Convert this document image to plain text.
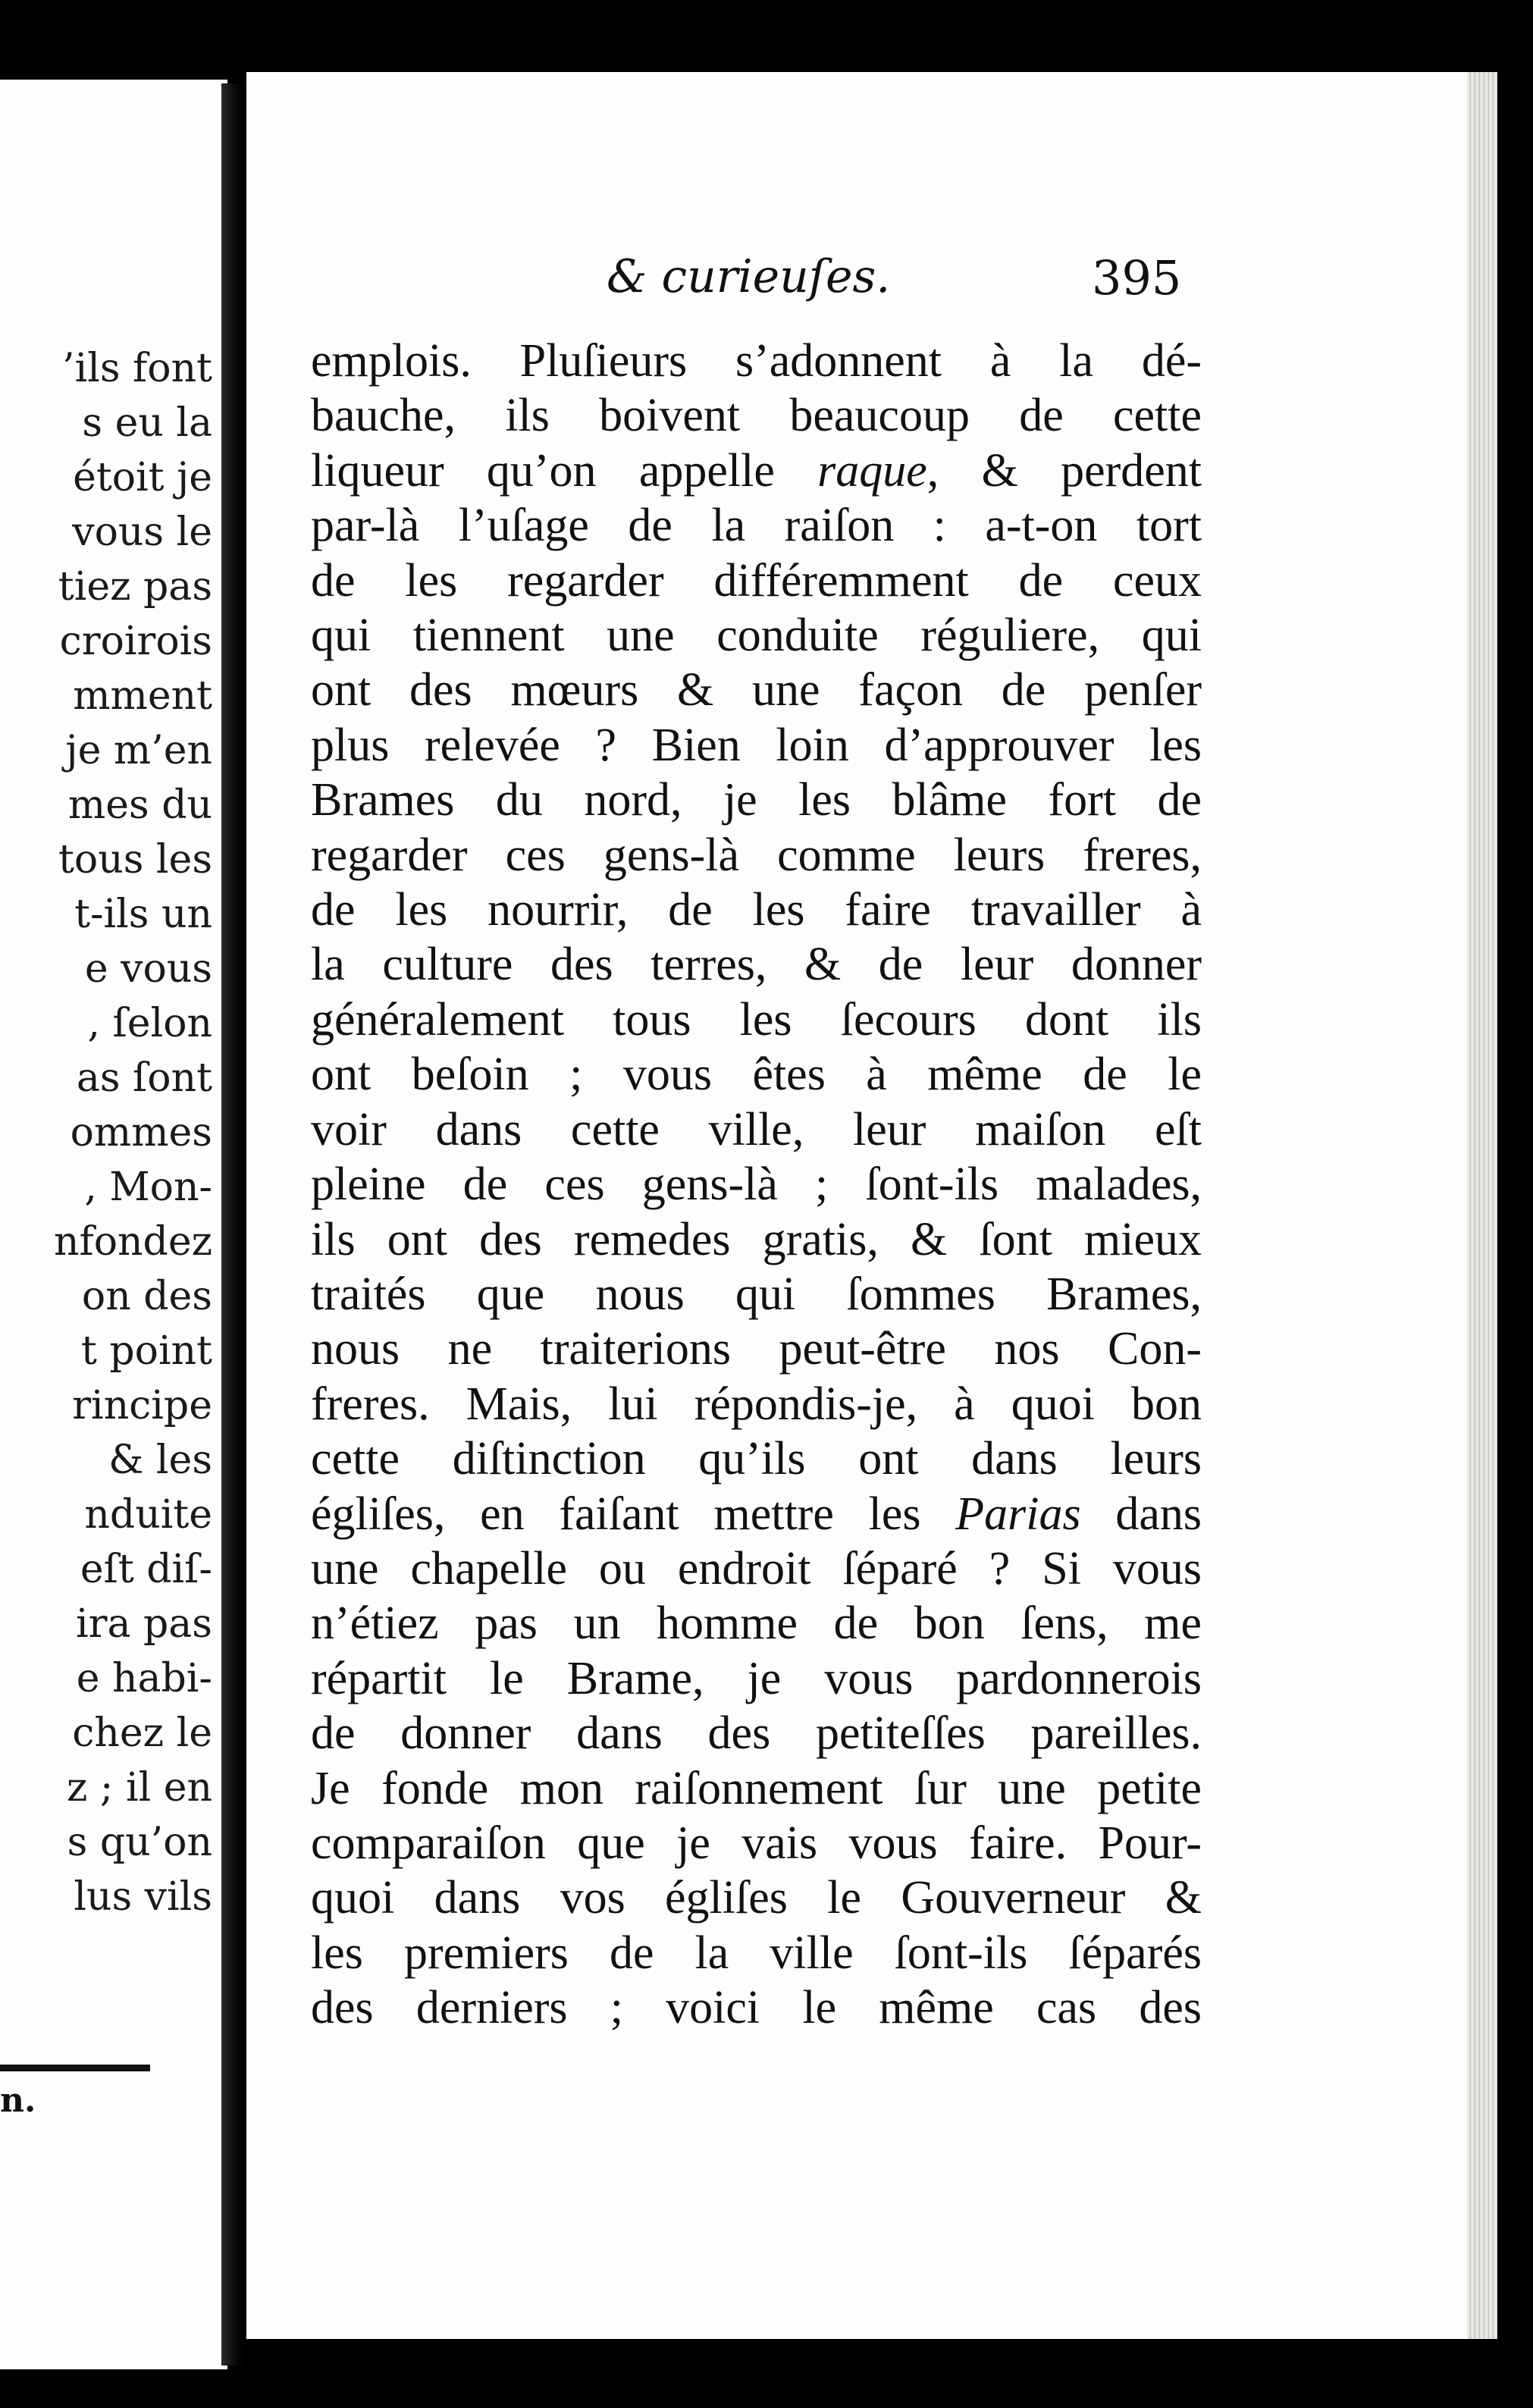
’ils font
s eu la
étoit je
vous le
tiez pas
croirois
mment
je m’en
mes du
tous les
t-ils un
e vous
, ſelon
as ſont
ommes
, Mon-
nfondez
on des
t point
rincipe
& les
nduite
eſt diſ-
ira pas
e habi-
chez le
z ; il en
s qu’on
lus vils
n.
& curieuſes.	395
emplois. Pluſieurs s’adonnent à la dé-
bauche, ils boivent beaucoup de cette
liqueur qu’on appelle raque, & perdent
par-là l’uſage de la raiſon : a-t-on tort
de les regarder différemment de ceux
qui tiennent une conduite réguliere, qui
ont des mœurs & une façon de penſer
plus relevée ? Bien loin d’approuver les
Brames du nord, je les blâme fort de
regarder ces gens-là comme leurs freres,
de les nourrir, de les faire travailler à
la culture des terres, & de leur donner
généralement tous les ſecours dont ils
ont beſoin ; vous êtes à même de le
voir dans cette ville, leur maiſon eſt
pleine de ces gens-là ; ſont-ils malades,
ils ont des remedes gratis, & ſont mieux
traités que nous qui ſommes Brames,
nous ne traiterions peut-être nos Con-
freres. Mais, lui répondis-je, à quoi bon
cette diſtinction qu’ils ont dans leurs
égliſes, en faiſant mettre les Parias dans
une chapelle ou endroit ſéparé ? Si vous
n’étiez pas un homme de bon ſens, me
répartit le Brame, je vous pardonnerois
de donner dans des petiteſſes pareilles.
Je fonde mon raiſonnement ſur une petite
comparaiſon que je vais vous faire. Pour-
quoi dans vos égliſes le Gouverneur &
les premiers de la ville ſont-ils ſéparés
des derniers ; voici le même cas des
